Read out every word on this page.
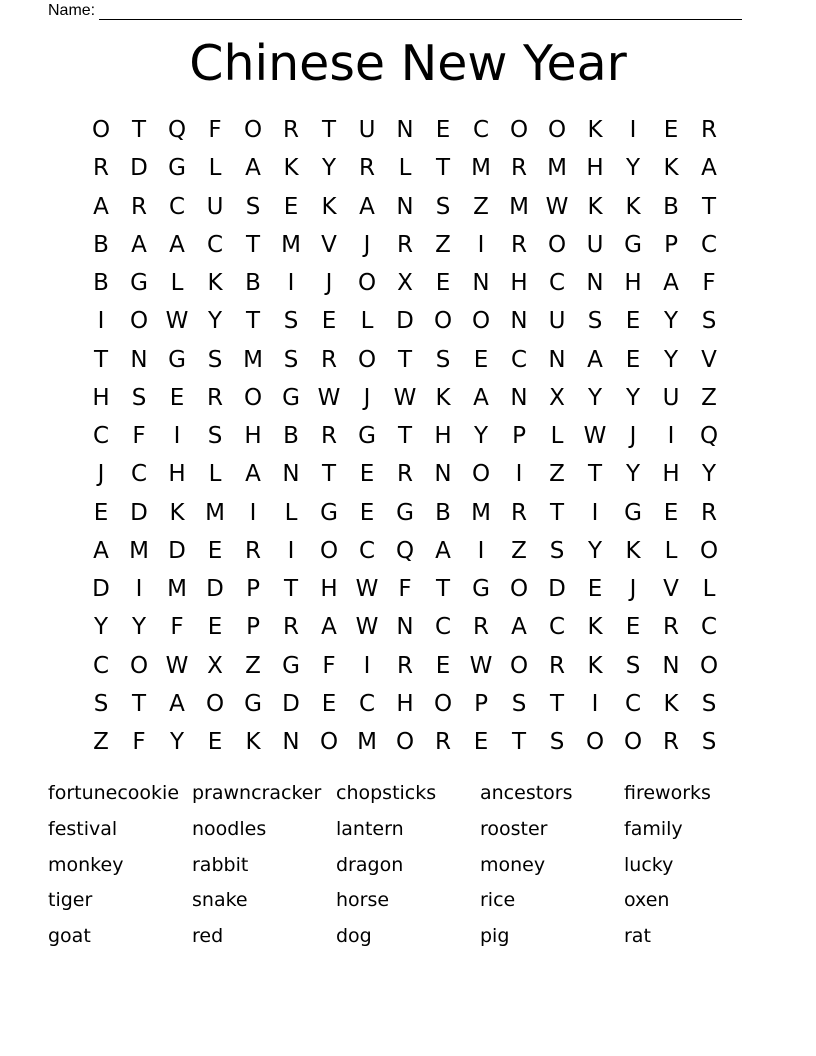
Name:
Chinese New Year
O T Q F O R T U N E C O O K	I	E R
R D G L	A K	Y R	L	T M R M H Y	K A
A R C U S	E	K A N S Z M W K K B	T
B A A C T M V	J	R Z	I	R O U G P	C
B G L	K B	I	J	O X E N H C N H A	F
I	O W Y	T	S	E	L D O O N U S	E	Y	S
T N G S M S R O T	S	E C N A E	Y	V
H S	E R O G W	J	W K A N X	Y	Y U Z
C	F	I	S H B R G T H Y	P	L W	J	I	Q
J	C H L	A N T	E R N O	I	Z	T	Y H Y
E D K M	I	L G E G B M R T	I	G E R
A M D E R	I	O C Q A	I	Z S	Y	K	L O
D	I	M D P	T H W F	T G O D E	J	V	L
Y	Y	F	E	P	R A W N C R A C K	E R C
C O W X Z G F	I	R E W O R K	S N O
S	T	A O G D E C H O P	S	T	I	C K	S
Z	F	Y	E	K N O M O R E	T	S O O R S
fortunecookie prawncracker chopsticks	ancestors	fireworks
festival	noodles	lantern	rooster	family
monkey	rabbit	dragon	money	lucky
tiger	snake	horse	rice	oxen
goat	red	dog	pig	rat
